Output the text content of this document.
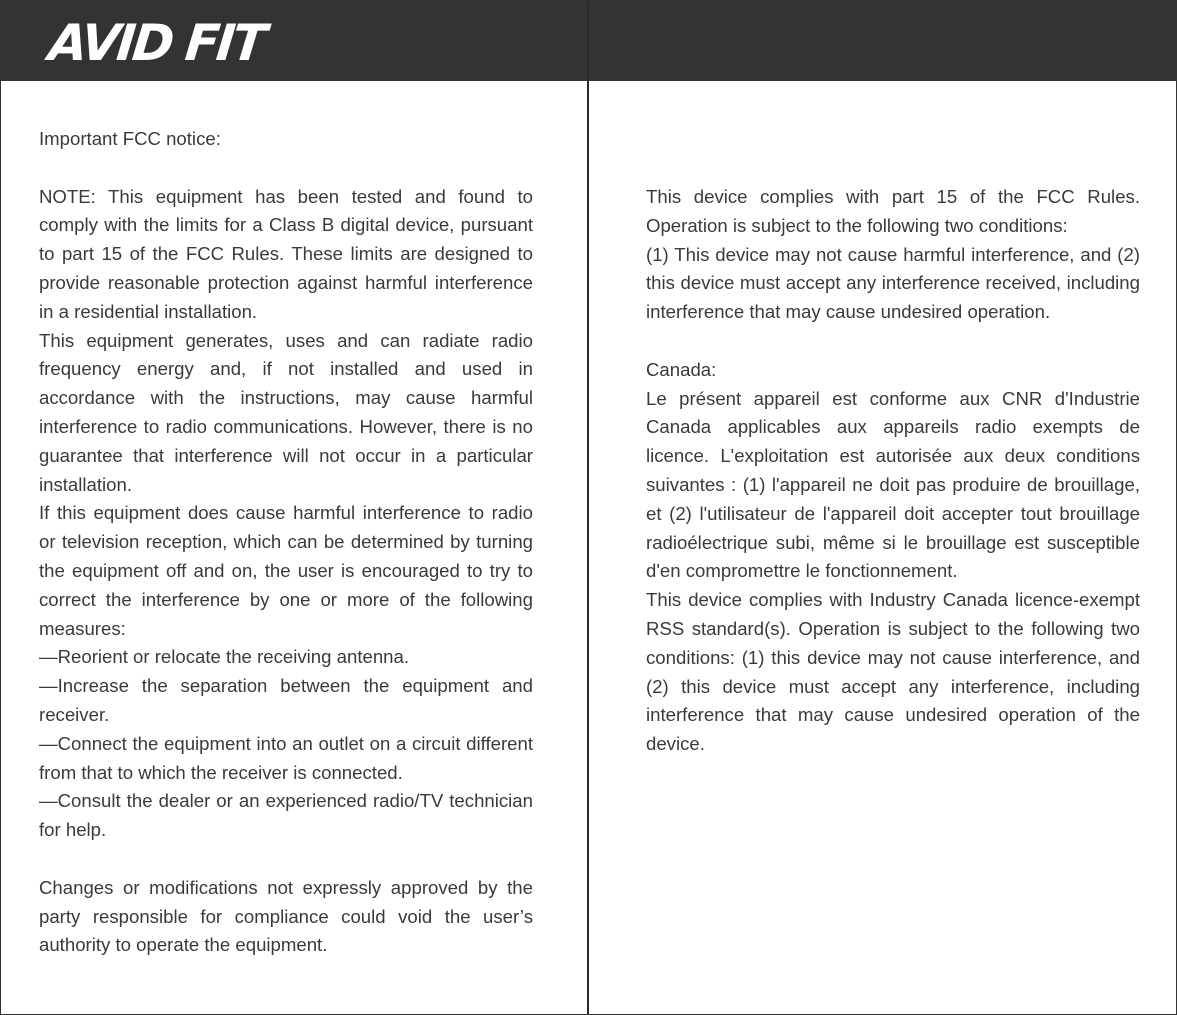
AVID FIT

Important FCC notice:

NOTE: This equipment has been tested and found to comply with the limits for a Class B digital device, pursuant to part 15 of the FCC Rules. These limits are designed to provide reasonable protection against harmful interference in a residential installation.

This equipment generates, uses and can radiate radio frequency energy and, if not installed and used in accordance with the instructions, may cause harmful interference to radio communications. However, there is no guarantee that interference will not occur in a particular installation.

If this equipment does cause harmful interference to radio or television reception, which can be determined by turning the equipment off and on, the user is encouraged to try to correct the interference by one or more of the following measures:

—Reorient or relocate the receiving antenna.

—Increase the separation between the equipment and receiver.

—Connect the equipment into an outlet on a circuit different from that to which the receiver is connected.

—Consult the dealer or an experienced radio/TV technician for help.

Changes or modifications not expressly approved by the party responsible for compliance could void the user’s authority to operate the equipment.

This device complies with part 15 of the FCC Rules. Operation is subject to the following two conditions:

(1) This device may not cause harmful interference, and (2) this device must accept any interference received, including interference that may cause undesired operation.

Canada:

Le présent appareil est conforme aux CNR d'Industrie Canada applicables aux appareils radio exempts de licence. L'exploitation est autorisée aux deux conditions suivantes : (1) l'appareil ne doit pas produire de brouillage, et (2) l'utilisateur de l'appareil doit accepter tout brouillage radioélectrique subi, même si le brouillage est susceptible d'en compromettre le fonctionnement.

This device complies with Industry Canada licence-exempt RSS standard(s). Operation is subject to the following two conditions: (1) this device may not cause interference, and (2) this device must accept any interference, including interference that may cause undesired operation of the device.
